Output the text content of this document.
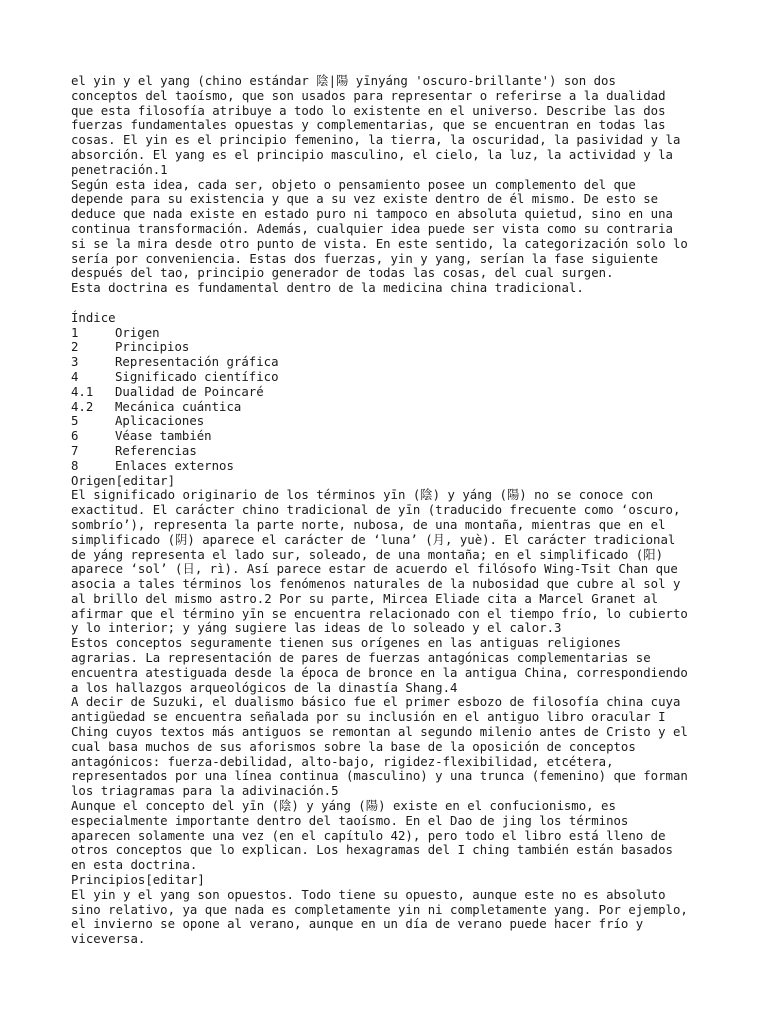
el yin y el yang (chino estándar 陰|陽 yīnyáng 'oscuro-brillante') son dos
conceptos del taoísmo, que son usados para representar o referirse a la dualidad
que esta filosofía atribuye a todo lo existente en el universo. Describe las dos
fuerzas fundamentales opuestas y complementarias, que se encuentran en todas las
cosas. El yin es el principio femenino, la tierra, la oscuridad, la pasividad y la
absorción. El yang es el principio masculino, el cielo, la luz, la actividad y la
penetración.1
Según esta idea, cada ser, objeto o pensamiento posee un complemento del que
depende para su existencia y que a su vez existe dentro de él mismo. De esto se
deduce que nada existe en estado puro ni tampoco en absoluta quietud, sino en una
continua transformación. Además, cualquier idea puede ser vista como su contraria
si se la mira desde otro punto de vista. En este sentido, la categorización solo lo
sería por conveniencia. Estas dos fuerzas, yin y yang, serían la fase siguiente
después del tao, principio generador de todas las cosas, del cual surgen.
Esta doctrina es fundamental dentro de la medicina china tradicional.
Índice
1	Origen
2	Principios
3	Representación gráfica
4	Significado científico
4.1	Dualidad de Poincaré
4.2	Mecánica cuántica
5	Aplicaciones
6	Véase también
7	Referencias
8	Enlaces externos
Origen[editar]
El significado originario de los términos yīn (陰) y yáng (陽) no se conoce con
exactitud. El carácter chino tradicional de yīn (traducido frecuente como ‘oscuro,
sombrío’), representa la parte norte, nubosa, de una montaña, mientras que en el
simplificado (阴) aparece el carácter de ‘luna’ (月, yuè). El carácter tradicional
de yáng representa el lado sur, soleado, de una montaña; en el simplificado (阳)
aparece ‘sol’ (日, rì). Así parece estar de acuerdo el filósofo Wing-Tsit Chan que
asocia a tales términos los fenómenos naturales de la nubosidad que cubre al sol y
al brillo del mismo astro.2 Por su parte, Mircea Eliade cita a Marcel Granet al
afirmar que el término yīn se encuentra relacionado con el tiempo frío, lo cubierto
y lo interior; y yáng sugiere las ideas de lo soleado y el calor.3
Estos conceptos seguramente tienen sus orígenes en las antiguas religiones
agrarias. La representación de pares de fuerzas antagónicas complementarias se
encuentra atestiguada desde la época de bronce en la antigua China, correspondiendo
a los hallazgos arqueológicos de la dinastía Shang.4
A decir de Suzuki, el dualismo básico fue el primer esbozo de filosofía china cuya
antigüedad se encuentra señalada por su inclusión en el antiguo libro oracular I
Ching cuyos textos más antiguos se remontan al segundo milenio antes de Cristo y el
cual basa muchos de sus aforismos sobre la base de la oposición de conceptos
antagónicos: fuerza-debilidad, alto-bajo, rigidez-flexibilidad, etcétera,
representados por una línea continua (masculino) y una trunca (femenino) que forman
los triagramas para la adivinación.5
Aunque el concepto del yīn (陰) y yáng (陽) existe en el confucionismo, es
especialmente importante dentro del taoísmo. En el Dao de jing los términos
aparecen solamente una vez (en el capítulo 42), pero todo el libro está lleno de
otros conceptos que lo explican. Los hexagramas del I ching también están basados
en esta doctrina.
Principios[editar]
El yin y el yang son opuestos. Todo tiene su opuesto, aunque este no es absoluto
sino relativo, ya que nada es completamente yin ni completamente yang. Por ejemplo,
el invierno se opone al verano, aunque en un día de verano puede hacer frío y
viceversa.
